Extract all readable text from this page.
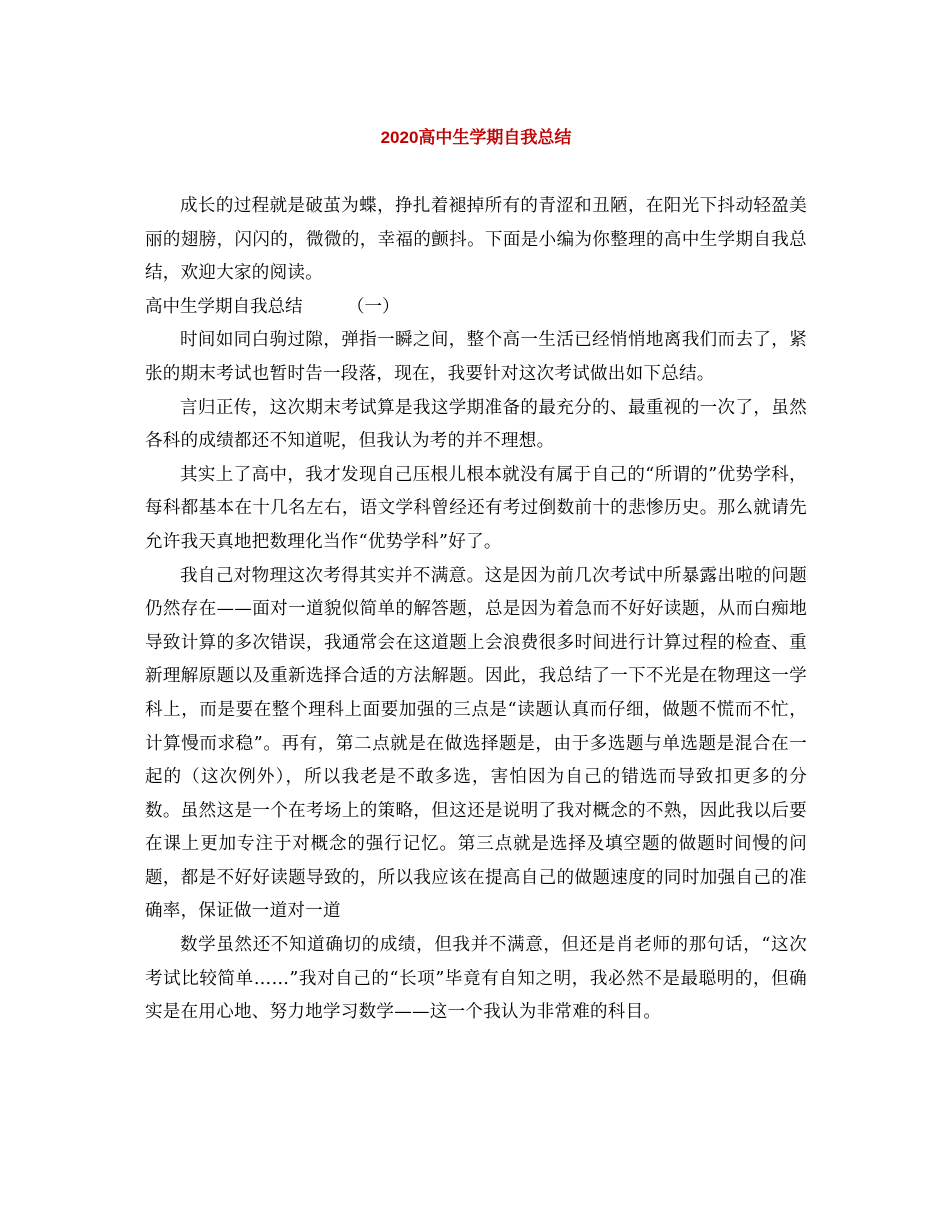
2020高中生学期自我总结

成长的过程就是破茧为蝶，挣扎着褪掉所有的青涩和丑陋，在阳光下抖动轻盈美丽的翅膀，闪闪的，微微的，幸福的颤抖。下面是小编为你整理的高中生学期自我总结，欢迎大家的阅读。

高中生学期自我总结        （一）

时间如同白驹过隙，弹指一瞬之间，整个高一生活已经悄悄地离我们而去了，紧张的期末考试也暂时告一段落，现在，我要针对这次考试做出如下总结。

言归正传，这次期末考试算是我这学期准备的最充分的、最重视的一次了，虽然各科的成绩都还不知道呢，但我认为考的并不理想。

其实上了高中，我才发现自己压根儿根本就没有属于自己的“所谓的”优势学科，每科都基本在十几名左右，语文学科曾经还有考过倒数前十的悲惨历史。那么就请先允许我天真地把数理化当作“优势学科”好了。

我自己对物理这次考得其实并不满意。这是因为前几次考试中所暴露出啦的问题仍然存在——面对一道貌似简单的解答题，总是因为着急而不好好读题，从而白痴地导致计算的多次错误，我通常会在这道题上会浪费很多时间进行计算过程的检查、重新理解原题以及重新选择合适的方法解题。因此，我总结了一下不光是在物理这一学科上，而是要在整个理科上面要加强的三点是“读题认真而仔细，做题不慌而不忙，计算慢而求稳”。再有，第二点就是在做选择题是，由于多选题与单选题是混合在一起的（这次例外），所以我老是不敢多选，害怕因为自己的错选而导致扣更多的分数。虽然这是一个在考场上的策略，但这还是说明了我对概念的不熟，因此我以后要在课上更加专注于对概念的强行记忆。第三点就是选择及填空题的做题时间慢的问题，都是不好好读题导致的，所以我应该在提高自己的做题速度的同时加强自己的准确率，保证做一道对一道

数学虽然还不知道确切的成绩，但我并不满意，但还是肖老师的那句话，“这次考试比较简单……”我对自己的“长项”毕竟有自知之明，我必然不是最聪明的，但确实是在用心地、努力地学习数学——这一个我认为非常难的科目。
